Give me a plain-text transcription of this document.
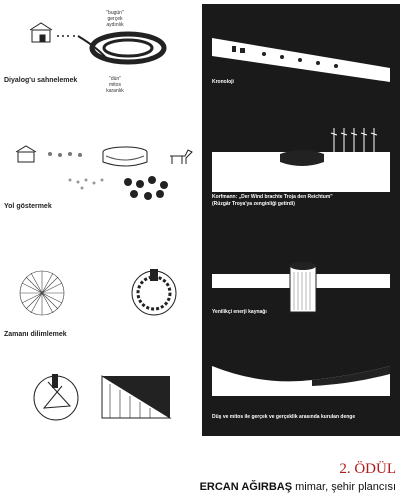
"bugün"
gerçek
aydınlık
"dün"
mitos
karanlık
Diyalog'u sahnelemek
Yol göstermek
Zamanı dilimlemek
Kronoloji
Korfmann: „Der Wind brachte Troja den Reichtum"
(Rüzgâr Troya'ya zenginliği getirdi)
Yenilikçi enerji kaynağı
Düş ve mitos ile gerçek ve gerçeklik arasında kurulan denge
2. ÖDÜL
ERCAN AĞIRBAŞ mimar, şehir plancısı
